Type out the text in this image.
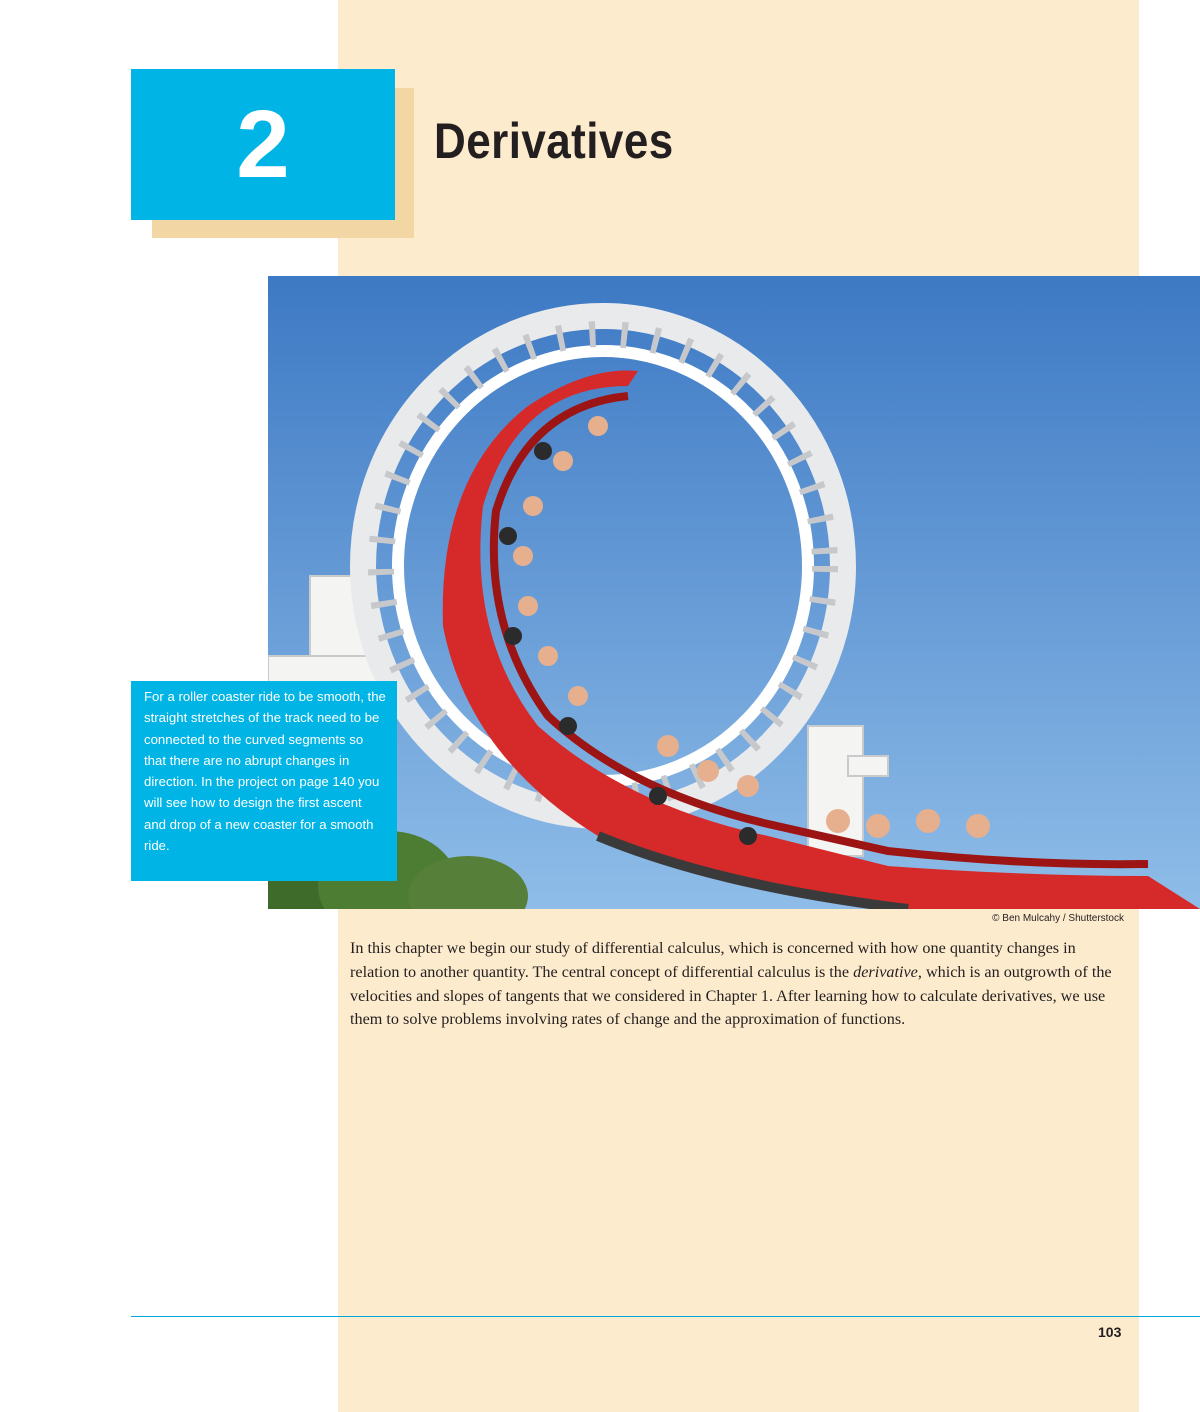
2	Derivatives

For a roller coaster ride to be smooth, the straight stretches of the track need to be connected to the curved segments so that there are no abrupt changes in direction. In the project on page 140 you will see how to design the first ascent and drop of a new coaster for a smooth ride.

© Ben Mulcahy / Shutterstock

In this chapter we begin our study of differential calculus, which is concerned with how one quantity changes in relation to another quantity. The central concept of differential calculus is the derivative, which is an outgrowth of the velocities and slopes of tangents that we considered in Chapter 1. After learning how to calculate derivatives, we use them to solve problems involving rates of change and the approximation of functions.

103
